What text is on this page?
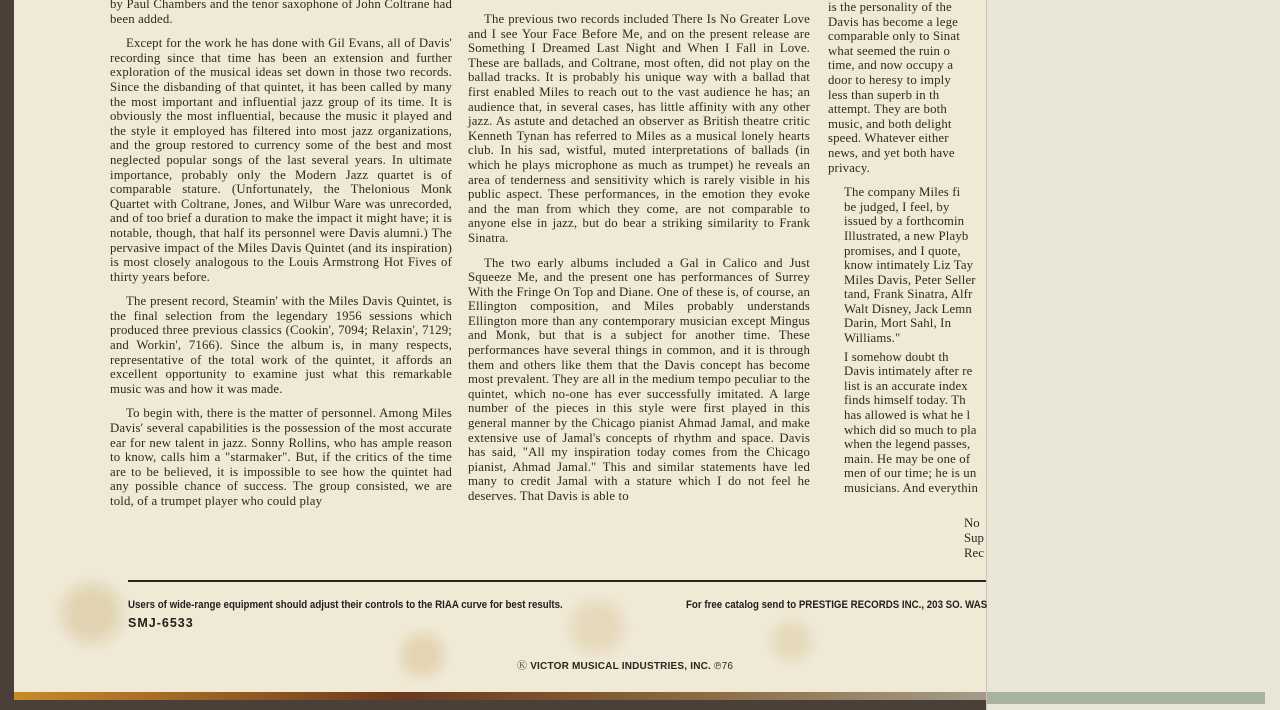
by Paul Chambers and the tenor saxophone of John Coltrane had been added.

Except for the work he has done with Gil Evans, all of Davis' recording since that time has been an extension and further exploration of the musical ideas set down in those two records. Since the disbanding of that quintet, it has been called by many the most important and influential jazz group of its time. It is obviously the most influential, because the music it played and the style it employed has filtered into most jazz organizations, and the group restored to currency some of the best and most neglected popular songs of the last several years. In ultimate importance, probably only the Modern Jazz quartet is of comparable stature. (Unfortunately, the Thelonious Monk Quartet with Coltrane, Jones, and Wilbur Ware was unrecorded, and of too brief a duration to make the impact it might have; it is notable, though, that half its personnel were Davis alumni.) The pervasive impact of the Miles Davis Quintet (and its inspiration) is most closely analogous to the Louis Armstrong Hot Fives of thirty years before.

The present record, Steamin' with the Miles Davis Quintet, is the final selection from the legendary 1956 sessions which produced three previous classics (Cookin', 7094; Relaxin', 7129; and Workin', 7166). Since the album is, in many respects, representative of the total work of the quintet, it affords an excellent opportunity to examine just what this remarkable music was and how it was made.

To begin with, there is the matter of personnel. Among Miles Davis' several capabilities is the possession of the most accurate ear for new talent in jazz. Sonny Rollins, who has ample reason to know, calls him a "starmaker". But, if the critics of the time are to be believed, it is impossible to see how the quintet had any possible chance of success. The group consisted, we are told, of a trumpet player who could play

The previous two records included There Is No Greater Love and I see Your Face Before Me, and on the present release are Something I Dreamed Last Night and When I Fall in Love. These are ballads, and Coltrane, most often, did not play on the ballad tracks. It is probably his unique way with a ballad that first enabled Miles to reach out to the vast audience he has; an audience that, in several cases, has little affinity with any other jazz. As astute and detached an observer as British theatre critic Kenneth Tynan has referred to Miles as a musical lonely hearts club. In his sad, wistful, muted interpretations of ballads (in which he plays microphone as much as trumpet) he reveals an area of tenderness and sensitivity which is rarely visible in his public aspect. These performances, in the emotion they evoke and the man from which they come, are not comparable to anyone else in jazz, but do bear a striking similarity to Frank Sinatra.

The two early albums included a Gal in Calico and Just Squeeze Me, and the present one has performances of Surrey With the Fringe On Top and Diane. One of these is, of course, an Ellington composition, and Miles probably understands Ellington more than any contemporary musician except Mingus and Monk, but that is a subject for another time. These performances have several things in common, and it is through them and others like them that the Davis concept has become most prevalent. They are all in the medium tempo peculiar to the quintet, which no-one has ever successfully imitated. A large number of the pieces in this style were first played in this general manner by the Chicago pianist Ahmad Jamal, and make extensive use of Jamal's concepts of rhythm and space. Davis has said, "All my inspiration today comes from the Chicago pianist, Ahmad Jamal." This and similar statements have led many to credit Jamal with a stature which I do not feel he deserves. That Davis is able to

is the personality of the
Davis has become a lege
comparable only to Sinat
what seemed the ruin o
time, and now occupy a
door to heresy to imply
less than superb in th
attempt. They are both
music, and both delight
speed. Whatever either
news, and yet both have
privacy.

The company Miles fi
be judged, I feel, by
issued by a forthcomin
Illustrated, a new Playb
promises, and I quote,
know intimately Liz Tay
Miles Davis, Peter Seller
tand, Frank Sinatra, Alfr
Walt Disney, Jack Lemn
Darin, Mort Sahl, In
Williams."

I somehow doubt th
Davis intimately after re
list is an accurate index
finds himself today. Th
has allowed is what he l
which did so much to pla
when the legend passes,
main. He may be one of
men of our time; he is un
musicians. And everythin

No
Sup
Rec
Users of wide-range equipment should adjust their controls to the RIAA curve for best results.
SMJ-6533
For free catalog send to PRESTIGE RECORDS INC., 203 SO. WAS
Ⓚ VICTOR MUSICAL INDUSTRIES, INC. ℗76
